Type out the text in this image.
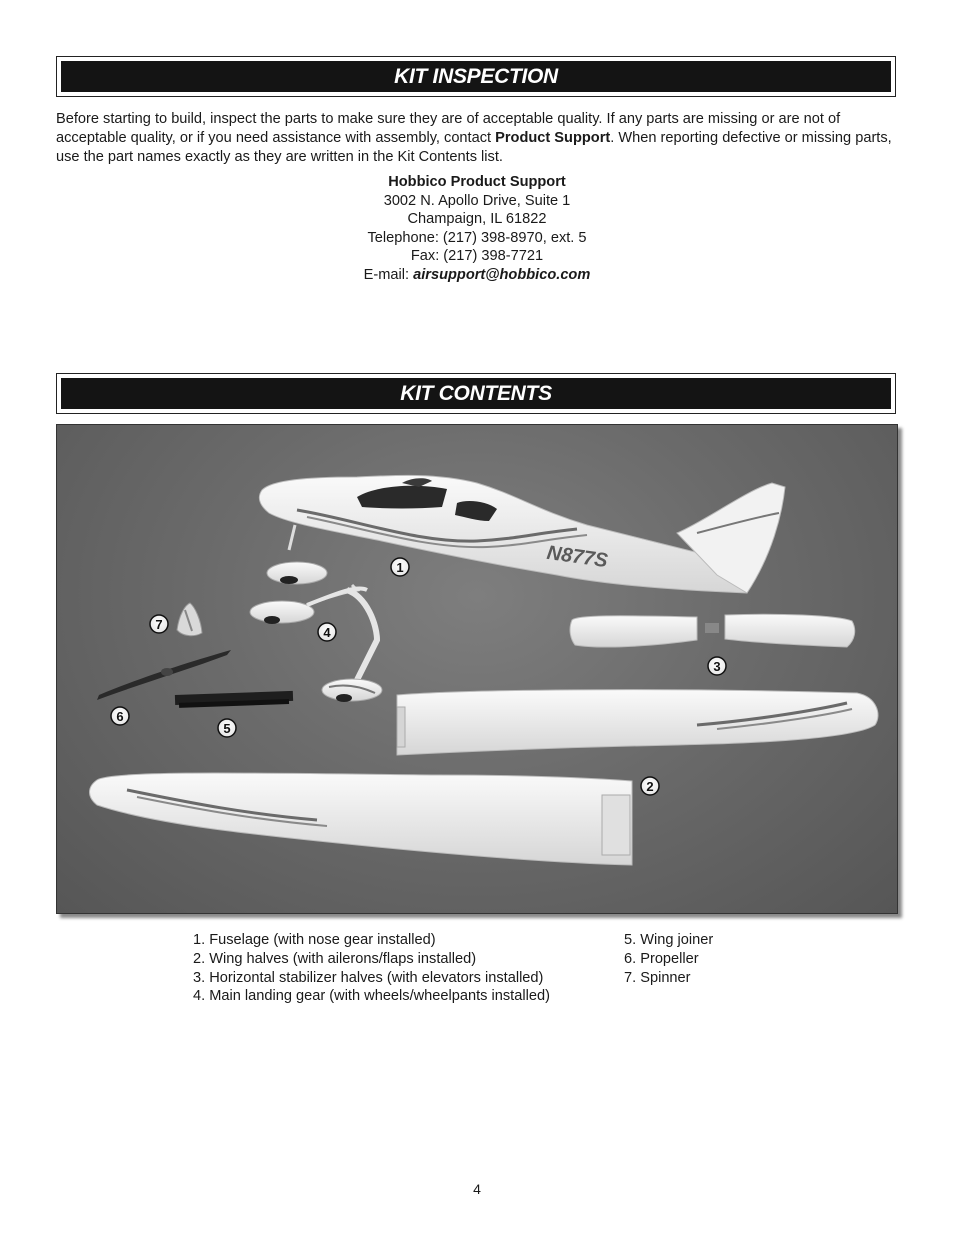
KIT INSPECTION

Before starting to build, inspect the parts to make sure they are of acceptable quality. If any parts are missing or are not of acceptable quality, or if you need assistance with assembly, contact Product Support. When reporting defective or missing parts, use the part names exactly as they are written in the Kit Contents list.

Hobbico Product Support
3002 N. Apollo Drive, Suite 1
Champaign, IL 61822
Telephone: (217) 398-8970, ext. 5
Fax: (217) 398-7721
E-mail: airsupport@hobbico.com
KIT CONTENTS
N877S
1
2
3
4
5
6
7
1. Fuselage (with nose gear installed)
2. Wing halves (with ailerons/flaps installed)
3. Horizontal stabilizer halves (with elevators installed)
4. Main landing gear (with wheels/wheelpants installed)
5. Wing joiner
6. Propeller
7. Spinner
4
